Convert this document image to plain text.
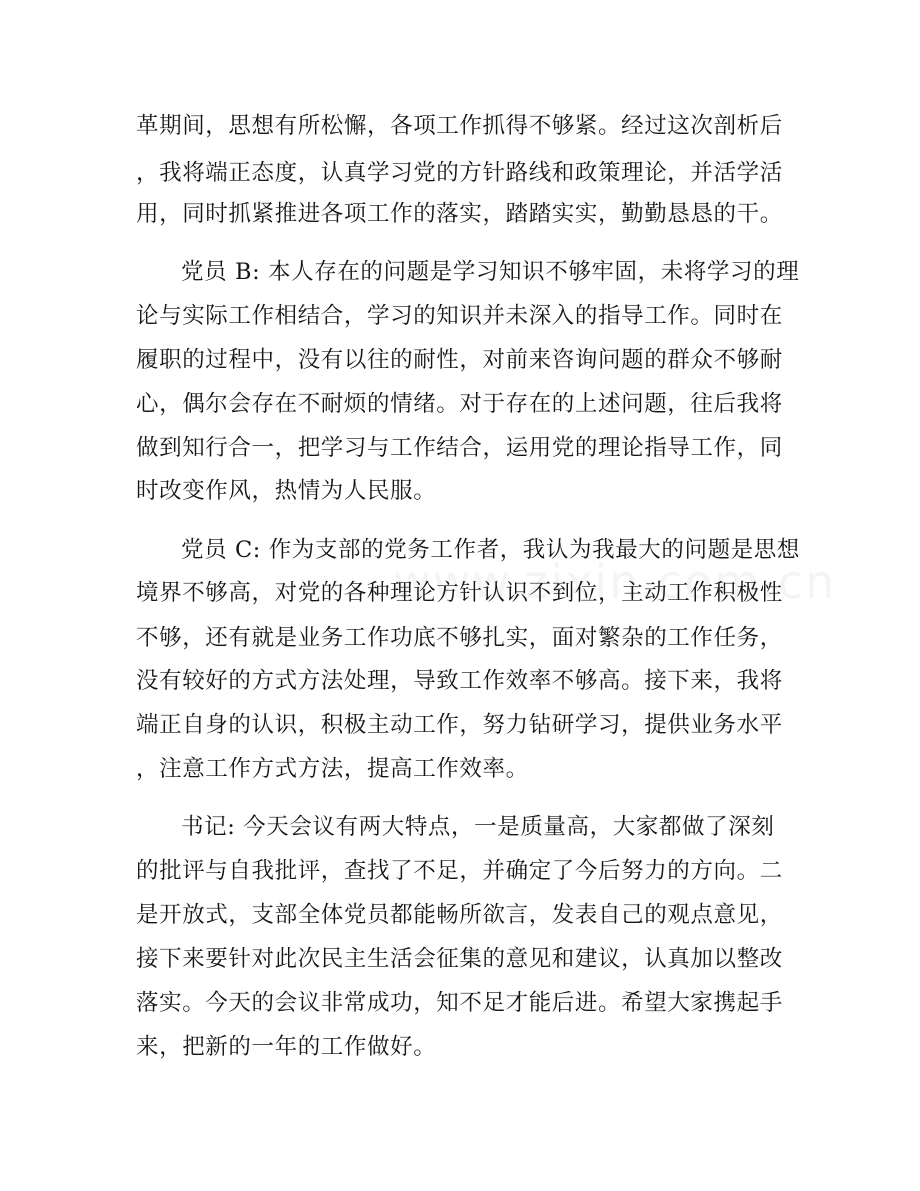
革期间，思想有所松懈，各项工作抓得不够紧。经过这次剖析后
，我将端正态度，认真学习党的方针路线和政策理论，并活学活
用，同时抓紧推进各项工作的落实，踏踏实实，勤勤恳恳的干。
党员 B: 本人存在的问题是学习知识不够牢固，未将学习的理
论与实际工作相结合，学习的知识并未深入的指导工作。同时在
履职的过程中，没有以往的耐性，对前来咨询问题的群众不够耐
心，偶尔会存在不耐烦的情绪。对于存在的上述问题，往后我将
做到知行合一，把学习与工作结合，运用党的理论指导工作，同
时改变作风，热情为人民服。
党员 C: 作为支部的党务工作者，我认为我最大的问题是思想
境界不够高，对党的各种理论方针认识不到位，主动工作积极性
不够，还有就是业务工作功底不够扎实，面对繁杂的工作任务，
没有较好的方式方法处理，导致工作效率不够高。接下来，我将
端正自身的认识，积极主动工作，努力钻研学习，提供业务水平
，注意工作方式方法，提高工作效率。
书记: 今天会议有两大特点，一是质量高，大家都做了深刻
的批评与自我批评，查找了不足，并确定了今后努力的方向。二
是开放式，支部全体党员都能畅所欲言，发表自己的观点意见，
接下来要针对此次民主生活会征集的意见和建议，认真加以整改
落实。今天的会议非常成功，知不足才能后进。希望大家携起手
来，把新的一年的工作做好。
